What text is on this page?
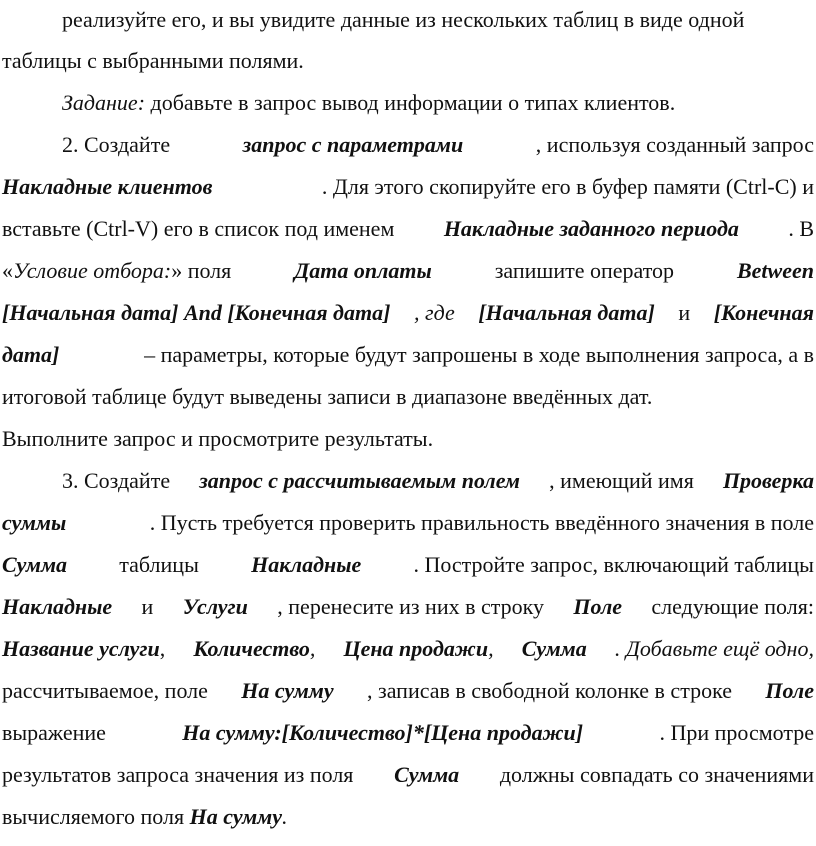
реализуйте его, и вы увидите данные из нескольких таблиц в виде одной
таблицы с выбранными полями.
Задание: добавьте в запрос вывод информации о типах клиентов.
2. Создайте	запрос с параметрами	, используя созданный запрос
Накладные клиентов	. Для этого скопируйте его в буфер памяти (Ctrl-C) и
вставьте (Ctrl-V) его в список под именем Накладные заданного периода . В
«Условие отбора:» поля	Дата оплаты	запишите оператор	Between
[Начальная дата] And [Конечная дата] , где [Начальная дата] и [Конечная
дата]	– параметры, которые будут запрошены в ходе выполнения запроса, а в
итоговой таблице будут выведены записи в диапазоне введённых дат.
Выполните запрос и просмотрите результаты.
3. Создайте запрос с рассчитываемым полем , имеющий имя Проверка
суммы	. Пусть требуется проверить правильность введённого значения в поле
Сумма таблицы Накладные . Постройте запрос, включающий таблицы
Накладные и Услуги , перенесите из них в строку Поле следующие поля:
Название услуги, Количество, Цена продажи, Сумма . Добавьте ещё одно,
рассчитываемое, поле На сумму , записав в свободной колонке в строке Поле
выражение	На сумму:[Количество]*[Цена продажи]	. При просмотре
результатов запроса значения из поля Сумма должны совпадать со значениями
вычисляемого поля На сумму.
